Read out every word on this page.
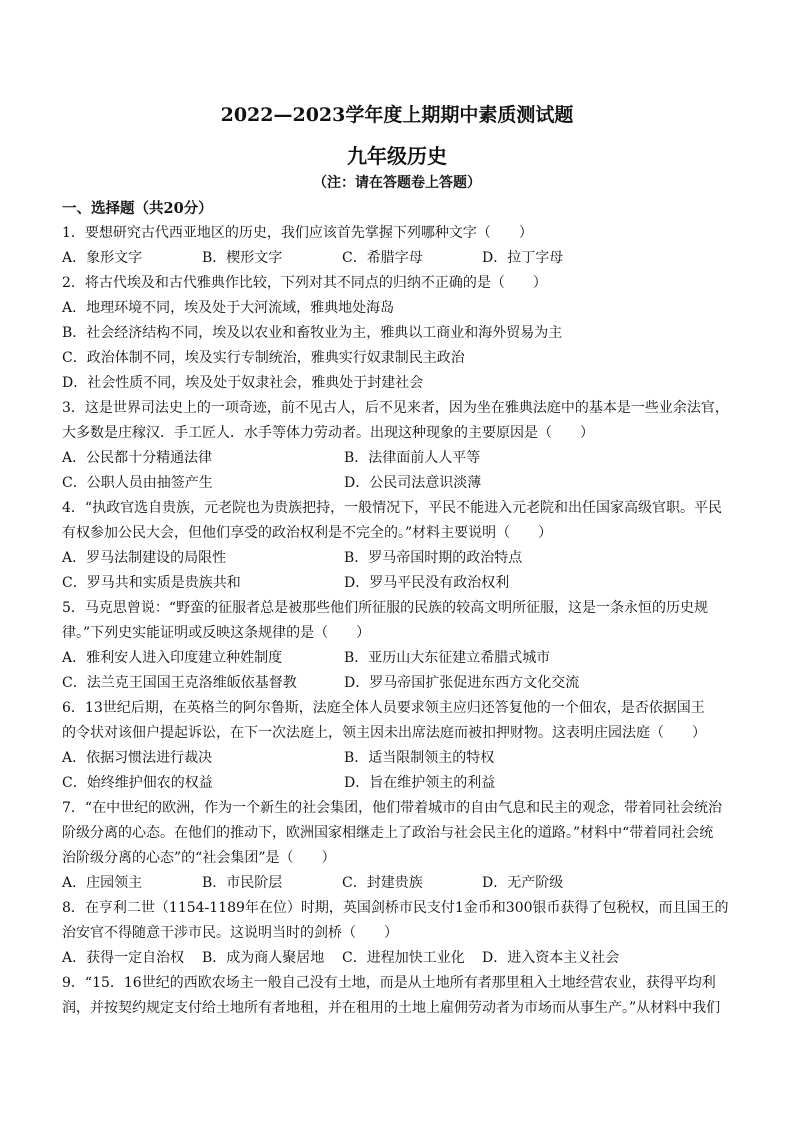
2022—2023学年度上期期中素质测试题
九年级历史
（注：请在答题卷上答题）
一、选择题（共20分）
1．要想研究古代西亚地区的历史，我们应该首先掌握下列哪种文字（　　）
A．象形文字	B．楔形文字	C．希腊字母	D．拉丁字母
2．将古代埃及和古代雅典作比较，下列对其不同点的归纳不正确的是（　　）
A．地理环境不同，埃及处于大河流域，雅典地处海岛
B．社会经济结构不同，埃及以农业和畜牧业为主，雅典以工商业和海外贸易为主
C．政治体制不同，埃及实行专制统治，雅典实行奴隶制民主政治
D．社会性质不同，埃及处于奴隶社会，雅典处于封建社会
3．这是世界司法史上的一项奇迹，前不见古人，后不见来者，因为坐在雅典法庭中的基本是一些业余法官，
大多数是庄稼汉．手工匠人．水手等体力劳动者。出现这种现象的主要原因是（　　）
A．公民都十分精通法律	B．法律面前人人平等
C．公职人员由抽签产生	D．公民司法意识淡薄
4．“执政官选自贵族，元老院也为贵族把持，一般情况下，平民不能进入元老院和出任国家高级官职。平民
有权参加公民大会，但他们享受的政治权利是不完全的。”材料主要说明（　　）
A．罗马法制建设的局限性	B．罗马帝国时期的政治特点
C．罗马共和实质是贵族共和	D．罗马平民没有政治权利
5．马克思曾说：“野蛮的征服者总是被那些他们所征服的民族的较高文明所征服，这是一条永恒的历史规
律。”下列史实能证明或反映这条规律的是（　　）
A．雅利安人进入印度建立种姓制度	B．亚历山大东征建立希腊式城市
C．法兰克王国国王克洛维皈依基督教	D．罗马帝国扩张促进东西方文化交流
6．13世纪后期，在英格兰的阿尔鲁斯，法庭全体人员要求领主应归还答复他的一个佃农，是否依据国王
的令状对该佃户提起诉讼，在下一次法庭上，领主因未出席法庭而被扣押财物。这表明庄园法庭（　　）
A．依据习惯法进行裁决	B．适当限制领主的特权
C．始终维护佃农的权益	D．旨在维护领主的利益
7．“在中世纪的欧洲，作为一个新生的社会集团，他们带着城市的自由气息和民主的观念，带着同社会统治
阶级分离的心态。在他们的推动下，欧洲国家相继走上了政治与社会民主化的道路。”材料中“带着同社会统
治阶级分离的心态”的“社会集团”是（　　）
A．庄园领主	B．市民阶层	C．封建贵族	D．无产阶级
8．在亨利二世（1154-1189年在位）时期，英国剑桥市民支付1金币和300银币获得了包税权，而且国王的
治安官不得随意干涉市民。这说明当时的剑桥（　　）
A．获得一定自治权	B．成为商人聚居地	C．进程加快工业化	D．进入资本主义社会
9．“15．16世纪的西欧农场主一般自己没有土地，而是从土地所有者那里租入土地经营农业，获得平均利
润，并按契约规定支付给土地所有者地租，并在租用的土地上雇佣劳动者为市场而从事生产。”从材料中我们
